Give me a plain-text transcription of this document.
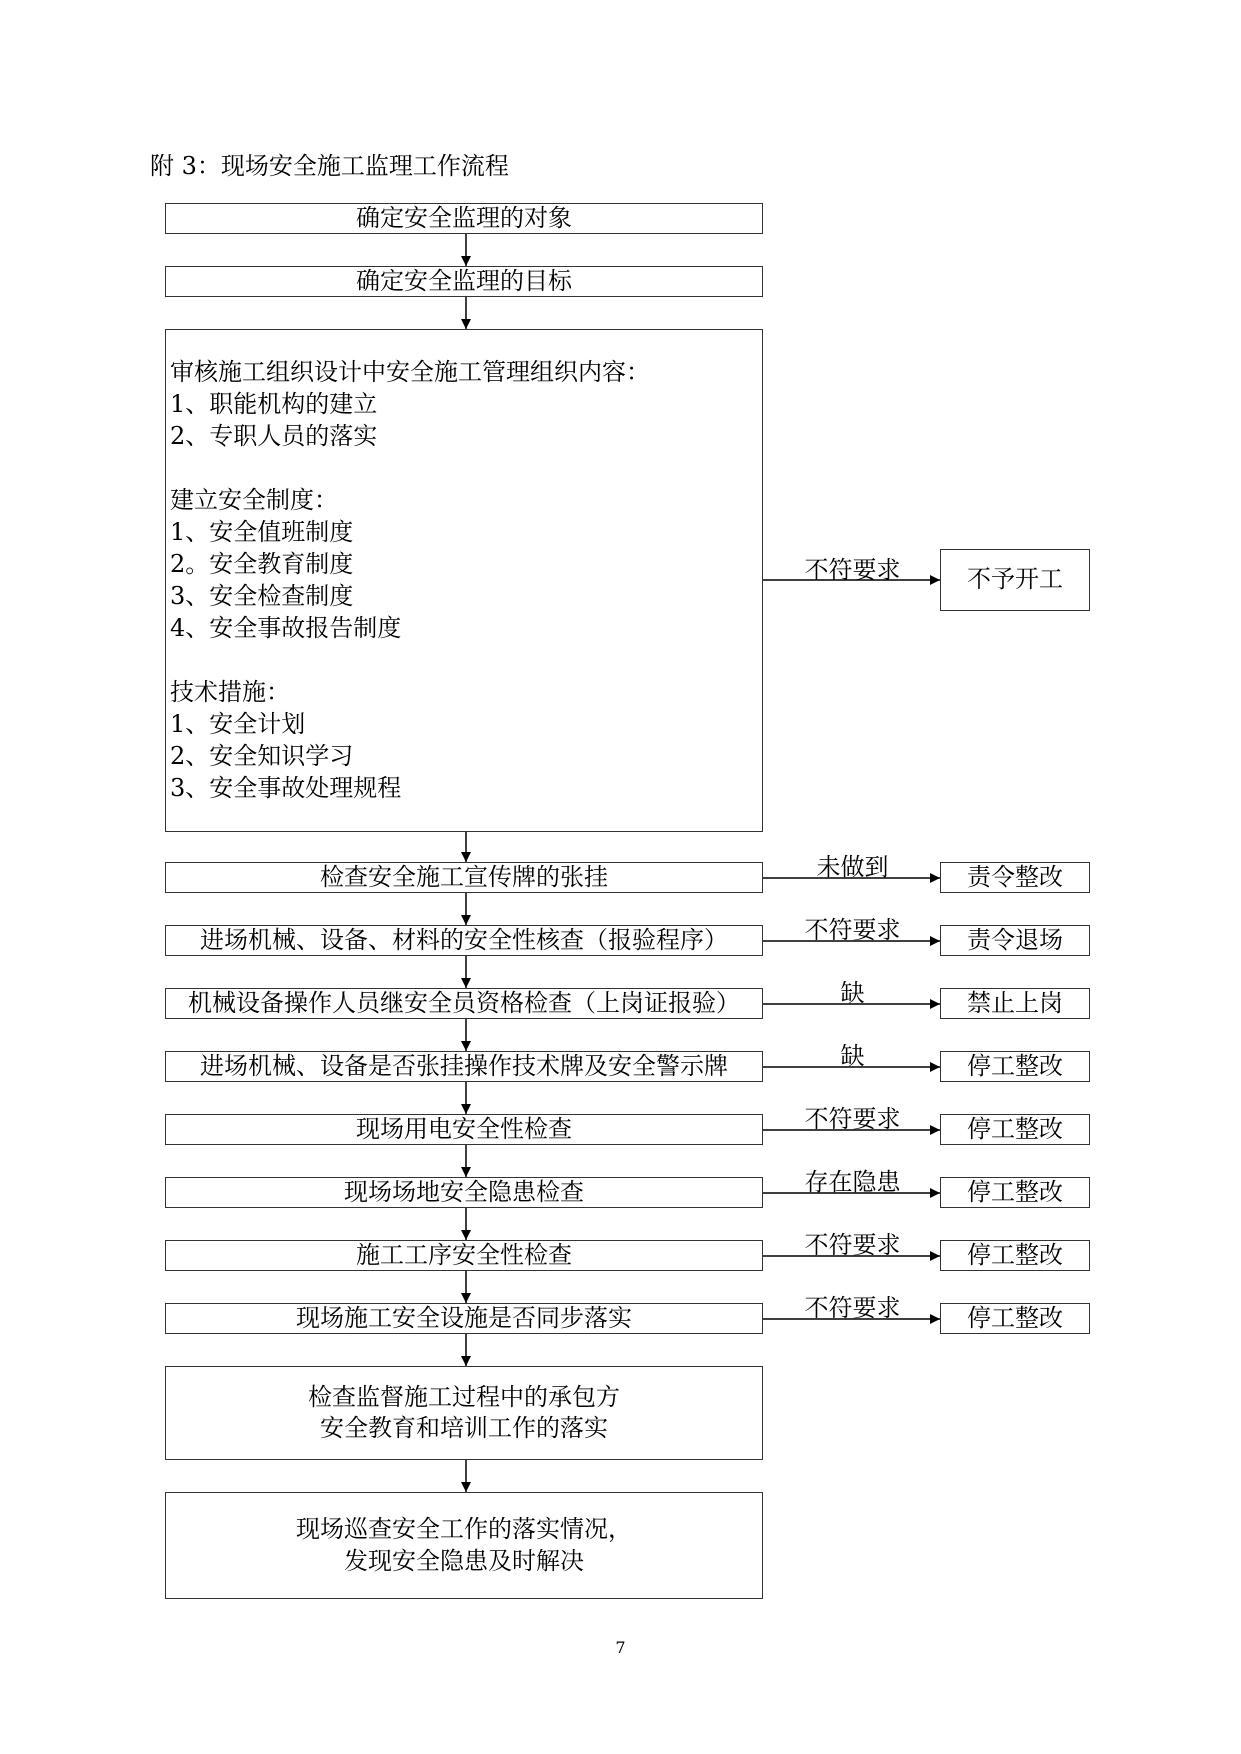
附 3：现场安全施工监理工作流程
确定安全监理的对象
确定安全监理的目标
审核施工组织设计中安全施工管理组织内容：
1、职能机构的建立
2、专职人员的落实
建立安全制度：
1、安全值班制度
2。安全教育制度
3、安全检查制度
4、安全事故报告制度
技术措施：
1、安全计划
2、安全知识学习
3、安全事故处理规程
检查安全施工宣传牌的张挂
进场机械、设备、材料的安全性核查（报验程序）
机械设备操作人员继安全员资格检查（上岗证报验）
进场机械、设备是否张挂操作技术牌及安全警示牌
现场用电安全性检查
现场场地安全隐患检查
施工工序安全性检查
现场施工安全设施是否同步落实
检查监督施工过程中的承包方
安全教育和培训工作的落实
现场巡查安全工作的落实情况，
发现安全隐患及时解决
不符要求
未做到
不符要求
缺
缺
不符要求
存在隐患
不符要求
不符要求
不予开工
责令整改
责令退场
禁止上岗
停工整改
停工整改
停工整改
停工整改
停工整改
7
